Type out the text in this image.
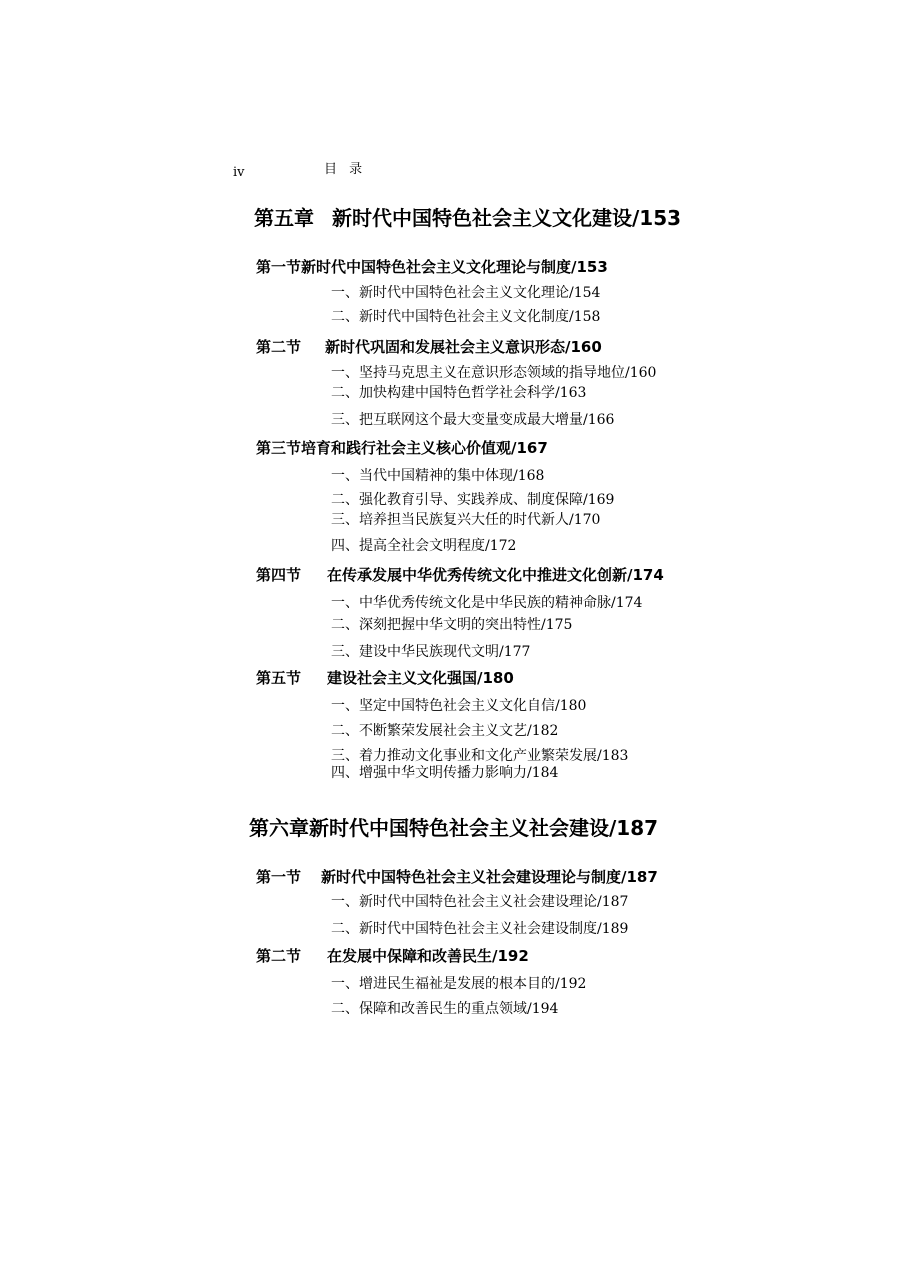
iv	目 录
第五章 新时代中国特色社会主义文化建设/153
第一节新时代中国特色社会主义文化理论与制度/153
一、新时代中国特色社会主义文化理论/154
二、新时代中国特色社会主义文化制度/158
第二节 新时代巩固和发展社会主义意识形态/160
一、坚持马克思主义在意识形态领域的指导地位/160
二、加快构建中国特色哲学社会科学/163
三、把互联网这个最大变量变成最大增量/166
第三节培育和践行社会主义核心价值观/167
一、当代中国精神的集中体现/168
二、强化教育引导、实践养成、制度保障/169
三、培养担当民族复兴大任的时代新人/170
四、提高全社会文明程度/172
第四节 在传承发展中华优秀传统文化中推进文化创新/174
一、中华优秀传统文化是中华民族的精神命脉/174
二、深刻把握中华文明的突出特性/175
三、建设中华民族现代文明/177
第五节 建设社会主义文化强国/180
一、坚定中国特色社会主义文化自信/180
二、不断繁荣发展社会主义文艺/182
三、着力推动文化事业和文化产业繁荣发展/183
四、增强中华文明传播力影响力/184
第六章新时代中国特色社会主义社会建设/187
第一节 新时代中国特色社会主义社会建设理论与制度/187
一、新时代中国特色社会主义社会建设理论/187
二、新时代中国特色社会主义社会建设制度/189
第二节 在发展中保障和改善民生/192
一、增进民生福祉是发展的根本目的/192
二、保障和改善民生的重点领域/194
